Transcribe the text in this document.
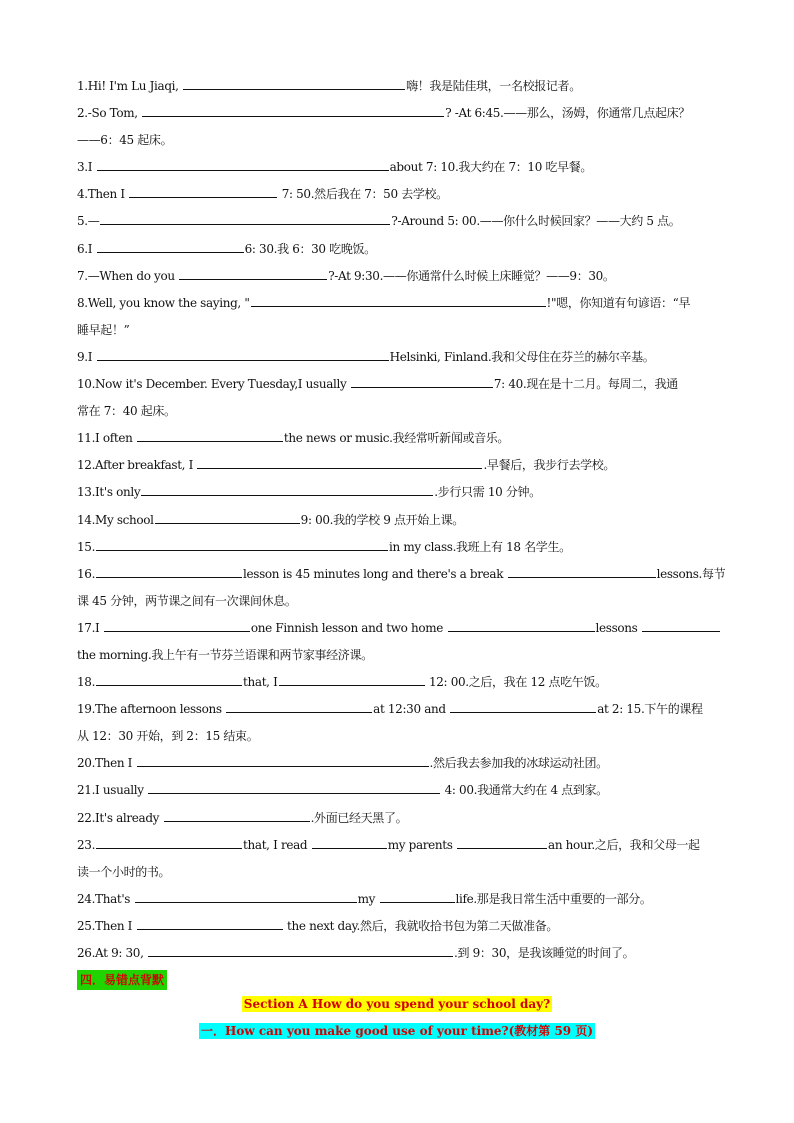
1.Hi! I'm Lu Jiaqi,	嗨！我是陆佳琪，一名校报记者。
2.-So Tom,	? -At 6:45.——那么，汤姆，你通常几点起床？
——6：45 起床。
3.I	about 7: 10.我大约在 7：10 吃早餐。
4.Then I	7: 50.然后我在 7：50 去学校。
5.—	?-Around 5: 00.——你什么时候回家？——大约 5 点。
6.I	6: 30.我 6：30 吃晚饭。
7.—When do you	?-At 9:30.——你通常什么时候上床睡觉？——9：30。
8.Well, you know the saying, "	!"嗯，你知道有句谚语：“早
睡早起！”
9.I	Helsinki, Finland.我和父母住在芬兰的赫尔辛基。
10.Now it's December. Every Tuesday,I usually	7: 40.现在是十二月。每周二，我通
常在 7：40 起床。
11.I often	the news or music.我经常听新闻或音乐。
12.After breakfast, I	.早餐后，我步行去学校。
13.It's only	.步行只需 10 分钟。
14.My school	9: 00.我的学校 9 点开始上课。
15.	in my class.我班上有 18 名学生。
16.	lesson is 45 minutes long and there's a break	lessons.每节
课 45 分钟，两节课之间有一次课间休息。
17.I	one Finnish lesson and two home	lessons
the morning.我上午有一节芬兰语课和两节家事经济课。
18.	that, I	12: 00.之后，我在 12 点吃午饭。
19.The afternoon lessons	at 12:30 and	at 2: 15.下午的课程
从 12：30 开始，到 2：15 结束。
20.Then I	.然后我去参加我的冰球运动社团。
21.I usually	4: 00.我通常大约在 4 点到家。
22.It's already	.外面已经天黑了。
23.	that, I read	my parents	an hour.之后，我和父母一起
读一个小时的书。
24.That's	my	life.那是我日常生活中重要的一部分。
25.Then I	the next day.然后，我就收拾书包为第二天做准备。
26.At 9: 30,	.到 9：30，是我该睡觉的时间了。
四．易错点背默
Section A How do you spend your school day?
一．How can you make good use of your time?(教材第 59 页)
